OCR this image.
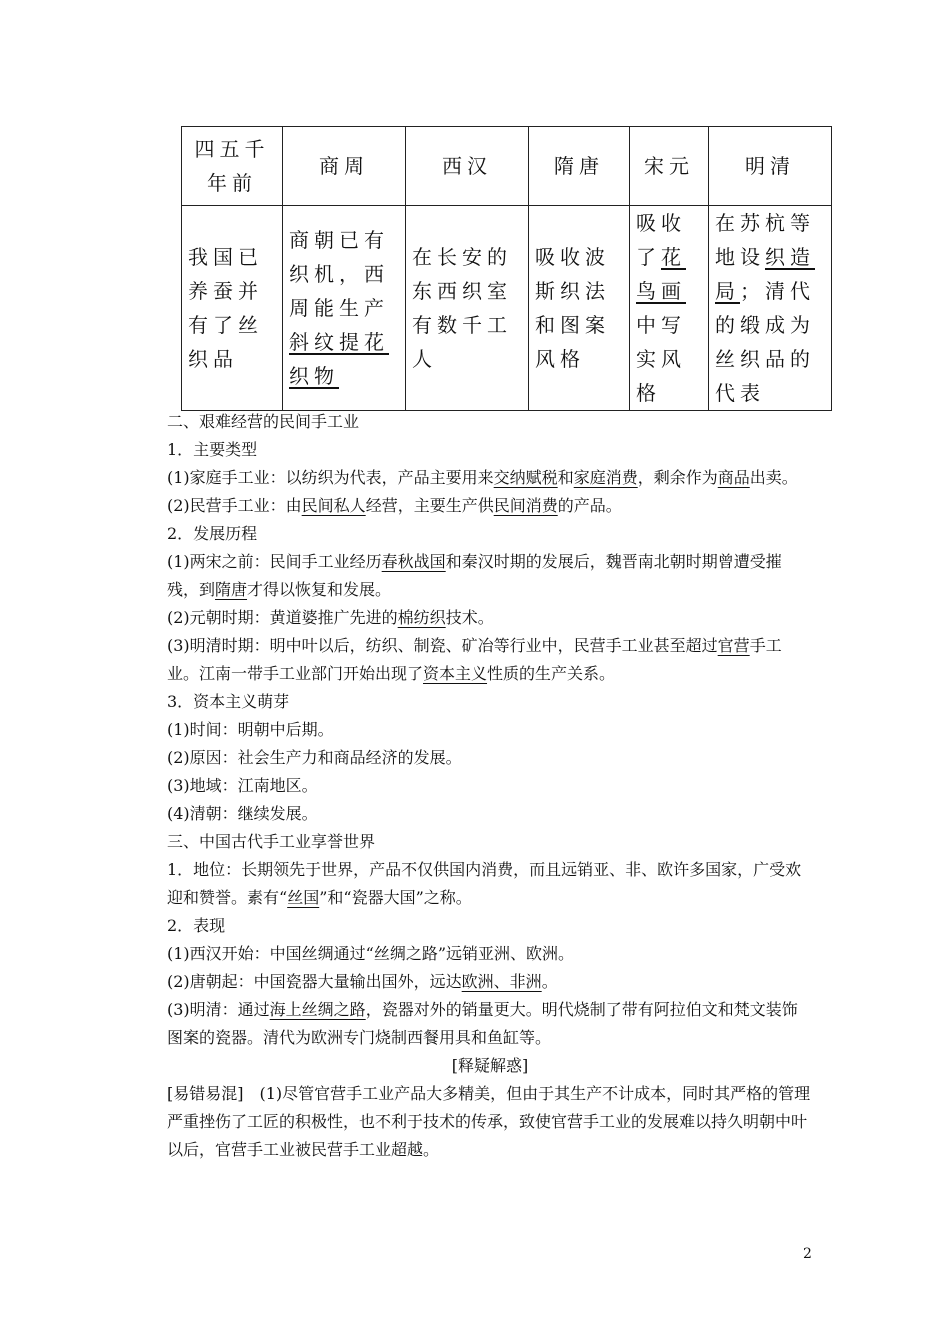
四五千年前	商周	西汉	隋唐	宋元	明清
我国已养蚕并有了丝织品	商朝已有织机，西周能生产斜纹提花织物	在长安的东西织室有数千工人	吸收波斯织法和图案风格	吸收了花鸟画中写实风格	在苏杭等地设织造局；清代的缎成为丝织品的代表

二、艰难经营的民间手工业

1．主要类型

(1)家庭手工业：以纺织为代表，产品主要用来交纳赋税和家庭消费，剩余作为商品出卖。

(2)民营手工业：由民间私人经营，主要生产供民间消费的产品。

2．发展历程

(1)两宋之前：民间手工业经历春秋战国和秦汉时期的发展后，魏晋南北朝时期曾遭受摧残，到隋唐才得以恢复和发展。

(2)元朝时期：黄道婆推广先进的棉纺织技术。

(3)明清时期：明中叶以后，纺织、制瓷、矿冶等行业中，民营手工业甚至超过官营手工业。江南一带手工业部门开始出现了资本主义性质的生产关系。

3．资本主义萌芽

(1)时间：明朝中后期。

(2)原因：社会生产力和商品经济的发展。

(3)地域：江南地区。

(4)清朝：继续发展。

三、中国古代手工业享誉世界

1．地位：长期领先于世界，产品不仅供国内消费，而且远销亚、非、欧许多国家，广受欢迎和赞誉。素有“丝国”和“瓷器大国”之称。

2．表现

(1)西汉开始：中国丝绸通过“丝绸之路”远销亚洲、欧洲。

(2)唐朝起：中国瓷器大量输出国外，远达欧洲、非洲。

(3)明清：通过海上丝绸之路，瓷器对外的销量更大。明代烧制了带有阿拉伯文和梵文装饰图案的瓷器。清代为欧洲专门烧制西餐用具和鱼缸等。

[释疑解惑]

[易错易混]　(1)尽管官营手工业产品大多精美，但由于其生产不计成本，同时其严格的管理严重挫伤了工匠的积极性，也不利于技术的传承，致使官营手工业的发展难以持久明朝中叶以后，官营手工业被民营手工业超越。

2
